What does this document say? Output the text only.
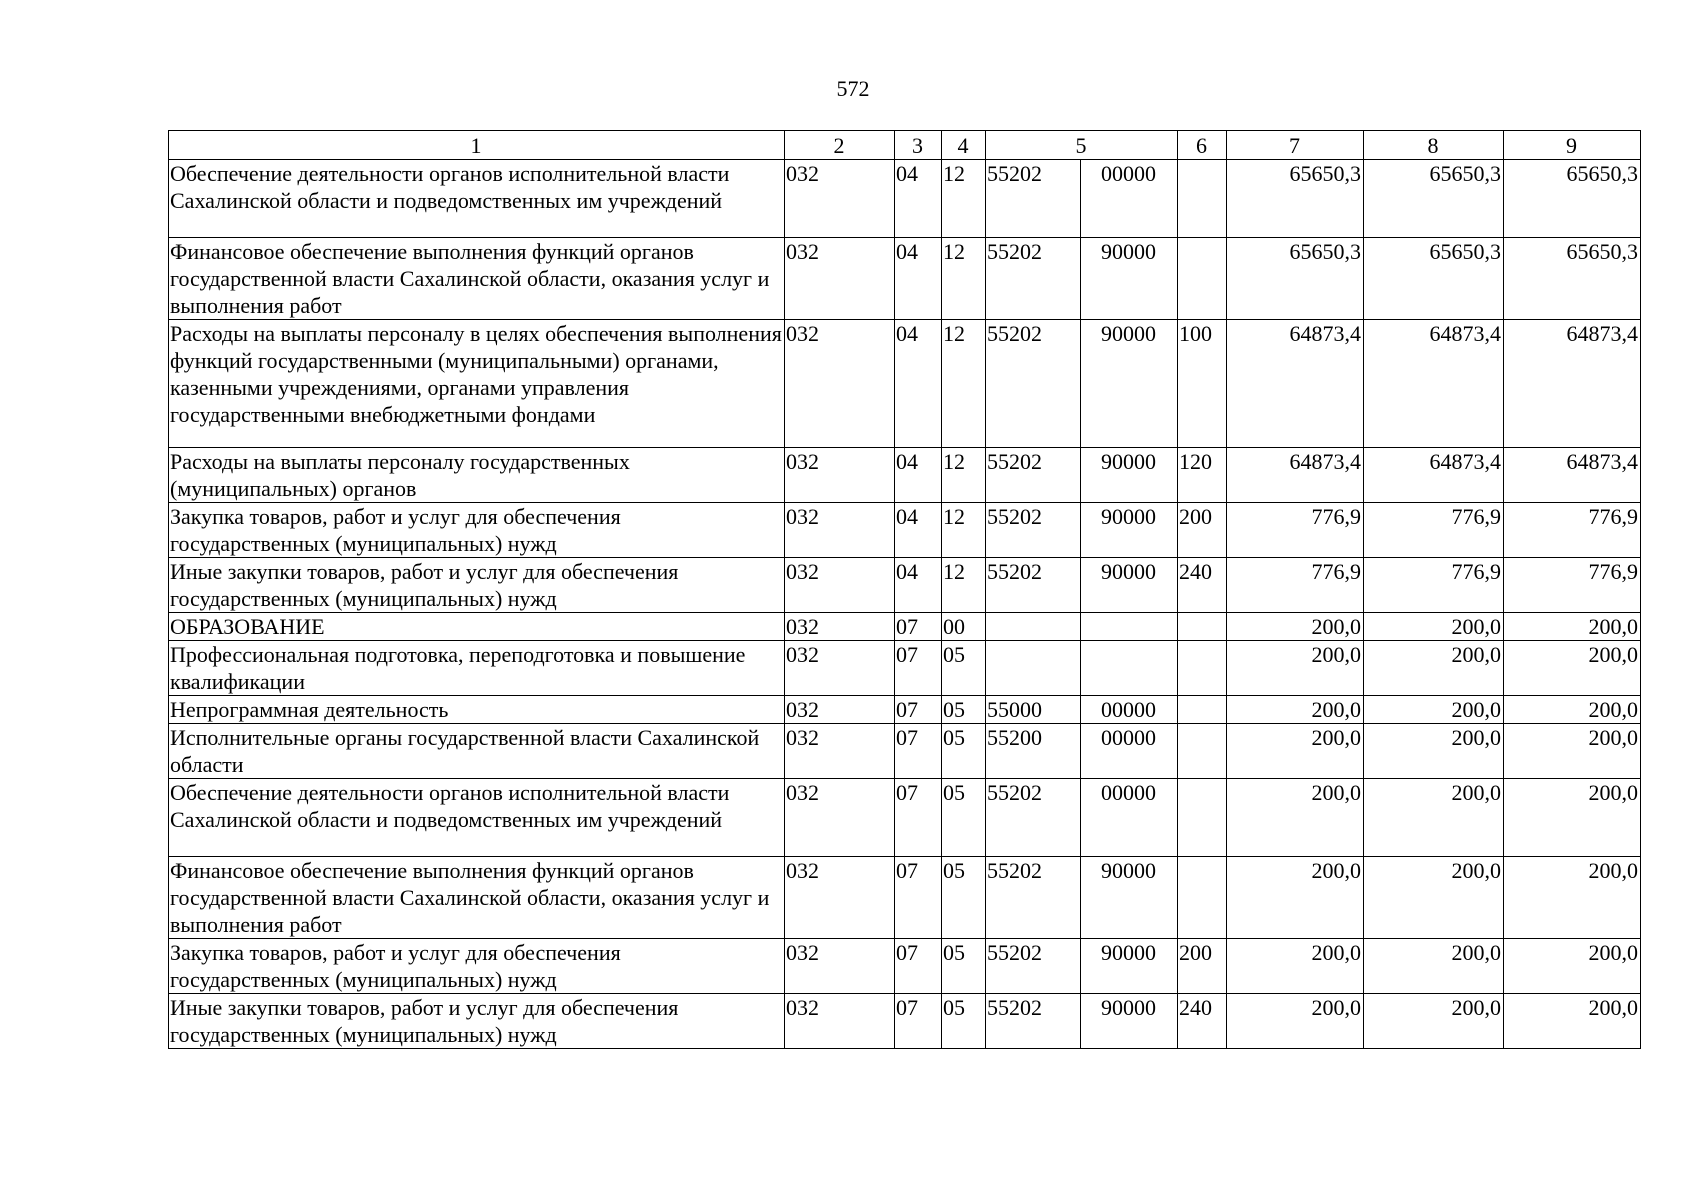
572
1	2	3	4	5		6	7	8	9
Обеспечение деятельности органов исполнительной власти Сахалинской области и подведомственных им учреждений	032	04	12	55202	00000		65650,3	65650,3	65650,3
Финансовое обеспечение выполнения функций органов государственной власти Сахалинской области, оказания услуг и выполнения работ	032	04	12	55202	90000		65650,3	65650,3	65650,3
Расходы на выплаты персоналу в целях обеспечения выполнения функций государственными (муниципальными) органами, казенными учреждениями, органами управления государственными внебюджетными фондами	032	04	12	55202	90000	100	64873,4	64873,4	64873,4
Расходы на выплаты персоналу государственных (муниципальных) органов	032	04	12	55202	90000	120	64873,4	64873,4	64873,4
Закупка товаров, работ и услуг для обеспечения государственных (муниципальных) нужд	032	04	12	55202	90000	200	776,9	776,9	776,9
Иные закупки товаров, работ и услуг для обеспечения государственных (муниципальных) нужд	032	04	12	55202	90000	240	776,9	776,9	776,9
ОБРАЗОВАНИЕ	032	07	00				200,0	200,0	200,0
Профессиональная подготовка, переподготовка и повышение квалификации	032	07	05				200,0	200,0	200,0
Непрограммная деятельность	032	07	05	55000	00000		200,0	200,0	200,0
Исполнительные органы государственной власти Сахалинской области	032	07	05	55200	00000		200,0	200,0	200,0
Обеспечение деятельности органов исполнительной власти Сахалинской области и подведомственных им учреждений	032	07	05	55202	00000		200,0	200,0	200,0
Финансовое обеспечение выполнения функций органов государственной власти Сахалинской области, оказания услуг и выполнения работ	032	07	05	55202	90000		200,0	200,0	200,0
Закупка товаров, работ и услуг для обеспечения государственных (муниципальных) нужд	032	07	05	55202	90000	200	200,0	200,0	200,0
Иные закупки товаров, работ и услуг для обеспечения государственных (муниципальных) нужд	032	07	05	55202	90000	240	200,0	200,0	200,0
